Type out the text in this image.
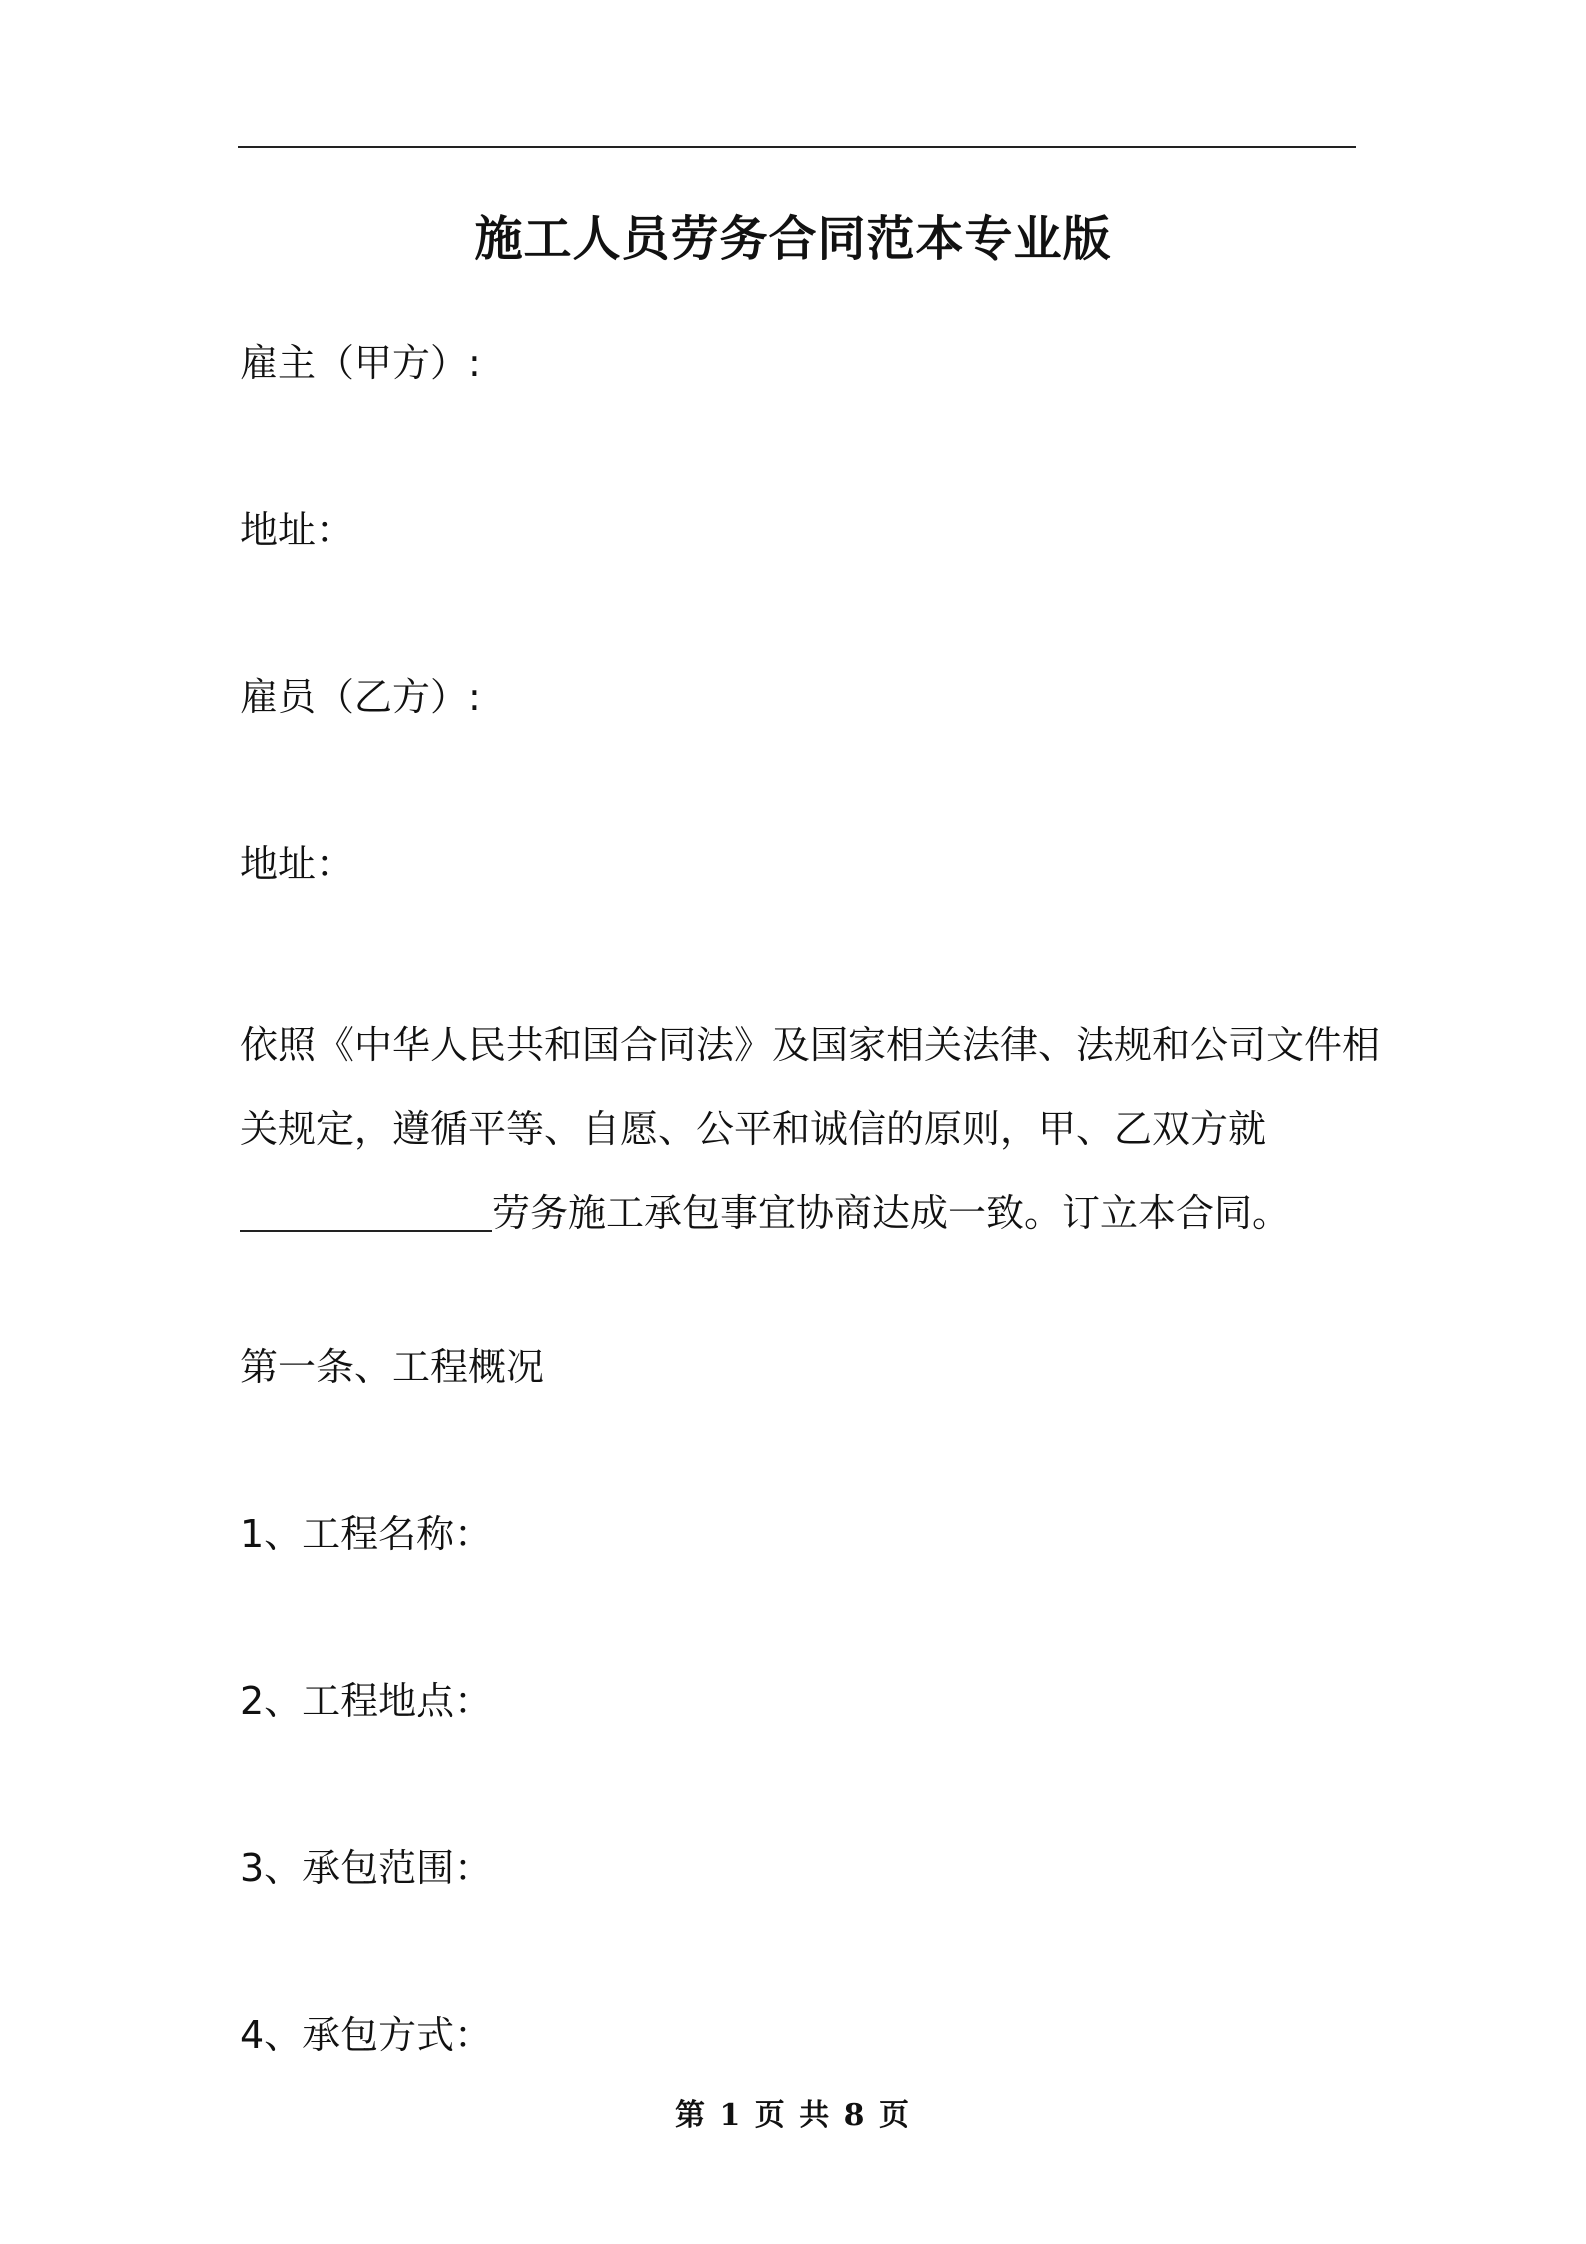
施工人员劳务合同范本专业版
雇主（甲方）:
地址：
雇员（乙方）:
地址：
依照《中华人民共和国合同法》及国家相关法律、法规和公司文件相
关规定，遵循平等、自愿、公平和诚信的原则，甲、乙双方就
劳务施工承包事宜协商达成一致。订立本合同。
第一条、工程概况
1、工程名称：
2、工程地点：
3、承包范围：
4、承包方式：
第 1 页 共 8 页
